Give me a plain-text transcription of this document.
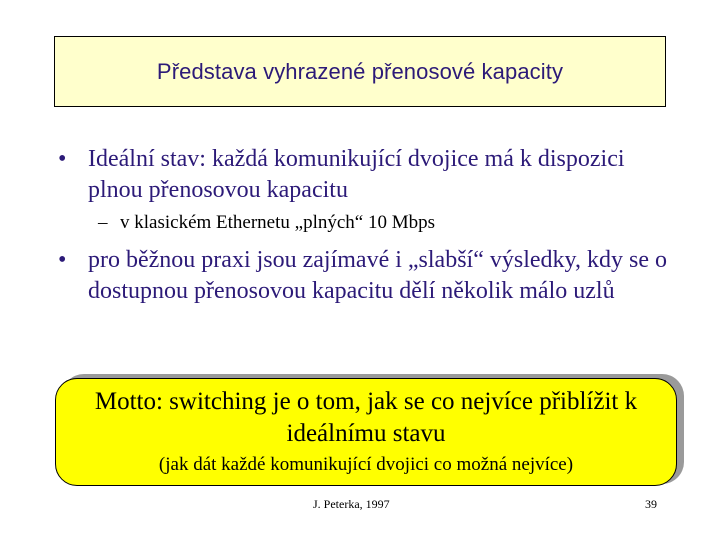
Představa vyhrazené přenosové kapacity
• Ideální stav: každá komunikující dvojice má k dispozici plnou přenosovou kapacitu
– v klasickém Ethernetu „plných“ 10 Mbps
• pro běžnou praxi jsou zajímavé i „slabší“ výsledky, kdy se o dostupnou přenosovou kapacitu dělí několik málo uzlů
Motto: switching je o tom, jak se co nejvíce přiblížit k ideálnímu stavu
(jak dát každé komunikující dvojici co možná nejvíce)
J. Peterka, 1997	39
